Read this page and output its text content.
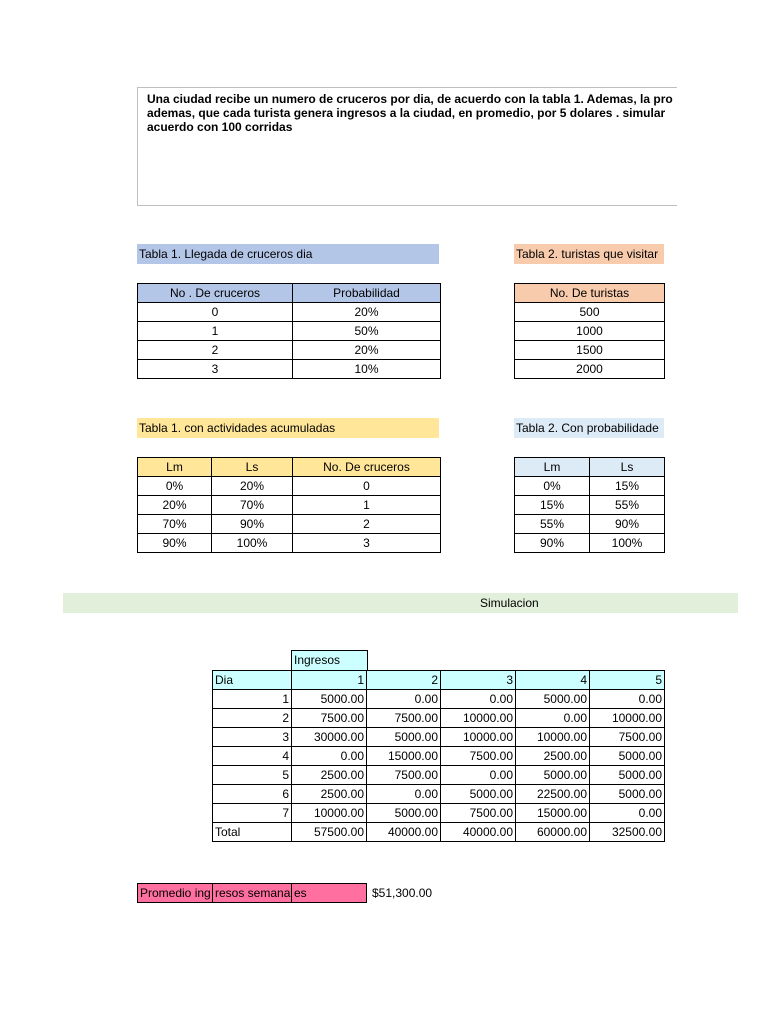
Una ciudad recibe un numero de cruceros por dia, de acuerdo con la tabla 1. Ademas, la pro
ademas, que cada turista genera ingresos a la ciudad, en promedio, por 5 dolares . simular
acuerdo con 100 corridas
Tabla 1. Llegada de cruceros dia
No . De cruceros	Probabilidad
0	20%
1	50%
2	20%
3	10%
Tabla 2. turistas que visitar
No. De turistas
500
1000
1500
2000
Tabla 1. con actividades acumuladas
Lm	Ls	No. De cruceros
0%	20%	0
20%	70%	1
70%	90%	2
90%	100%	3
Tabla 2. Con probabilidade
Lm	Ls
0%	15%
15%	55%
55%	90%
90%	100%
Simulacion
Ingresos
Dia	1	2	3	4	5
1	5000.00	0.00	0.00	5000.00	0.00
2	7500.00	7500.00	10000.00	0.00	10000.00
3	30000.00	5000.00	10000.00	10000.00	7500.00
4	0.00	15000.00	7500.00	2500.00	5000.00
5	2500.00	7500.00	0.00	5000.00	5000.00
6	2500.00	0.00	5000.00	22500.00	5000.00
7	10000.00	5000.00	7500.00	15000.00	0.00
Total	57500.00	40000.00	40000.00	60000.00	32500.00
Promedio ing	resos semana	es	$51,300.00
